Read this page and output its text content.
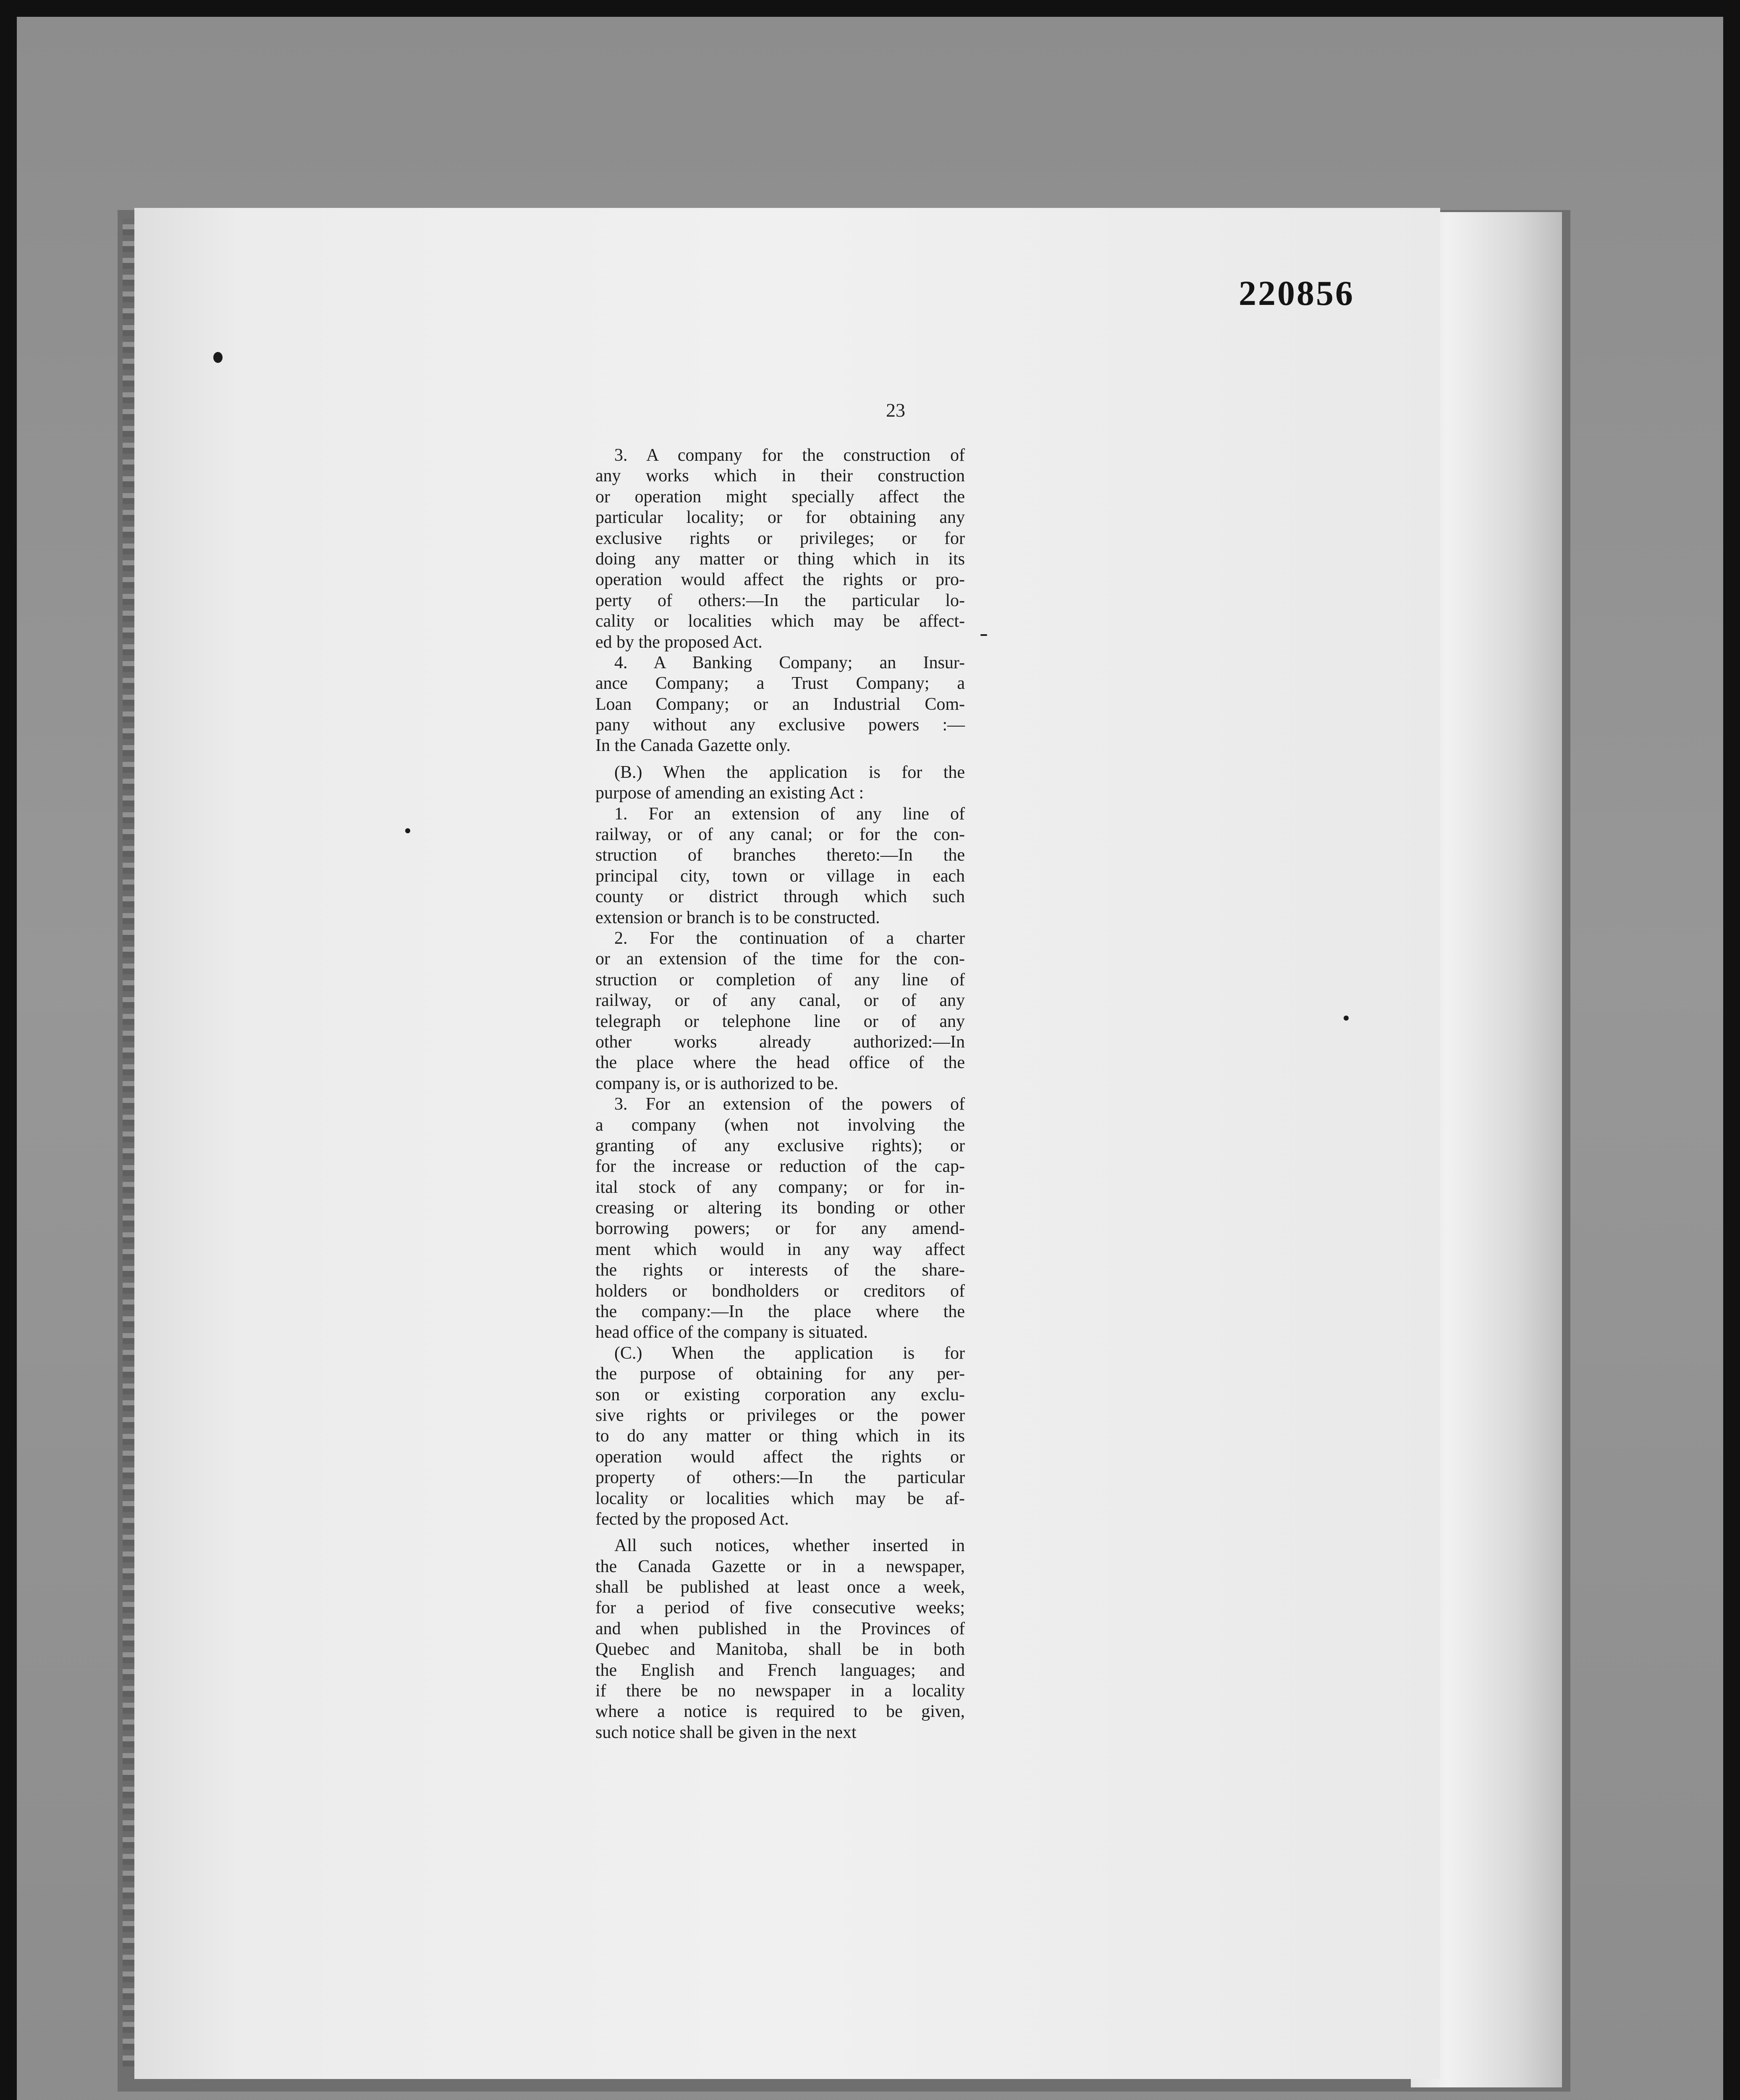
220856
23
3. A company for the construction of
any works which in their construction
or operation might specially affect the
particular locality; or for obtaining any
exclusive rights or privileges; or for
doing any matter or thing which in its
operation would affect the rights or pro-
perty of others:—In the particular lo-
cality or localities which may be affect-
ed by the proposed Act.
4. A Banking Company; an Insur-
ance Company; a Trust Company; a
Loan Company; or an Industrial Com-
pany without any exclusive powers :—
In the Canada Gazette only.
(B.) When the application is for the
purpose of amending an existing Act :
1. For an extension of any line of
railway, or of any canal; or for the con-
struction of branches thereto:—In the
principal city, town or village in each
county or district through which such
extension or branch is to be constructed.
2. For the continuation of a charter
or an extension of the time for the con-
struction or completion of any line of
railway, or of any canal, or of any
telegraph or telephone line or of any
other works already authorized:—In
the place where the head office of the
company is, or is authorized to be.
3. For an extension of the powers of
a company (when not involving the
granting of any exclusive rights); or
for the increase or reduction of the cap-
ital stock of any company; or for in-
creasing or altering its bonding or other
borrowing powers; or for any amend-
ment which would in any way affect
the rights or interests of the share-
holders or bondholders or creditors of
the company:—In the place where the
head office of the company is situated.
(C.) When the application is for
the purpose of obtaining for any per-
son or existing corporation any exclu-
sive rights or privileges or the power
to do any matter or thing which in its
operation would affect the rights or
property of others:—In the particular
locality or localities which may be af-
fected by the proposed Act.
All such notices, whether inserted in
the Canada Gazette or in a newspaper,
shall be published at least once a week,
for a period of five consecutive weeks;
and when published in the Provinces of
Quebec and Manitoba, shall be in both
the English and French languages; and
if there be no newspaper in a locality
where a notice is required to be given,
such notice shall be given in the next
